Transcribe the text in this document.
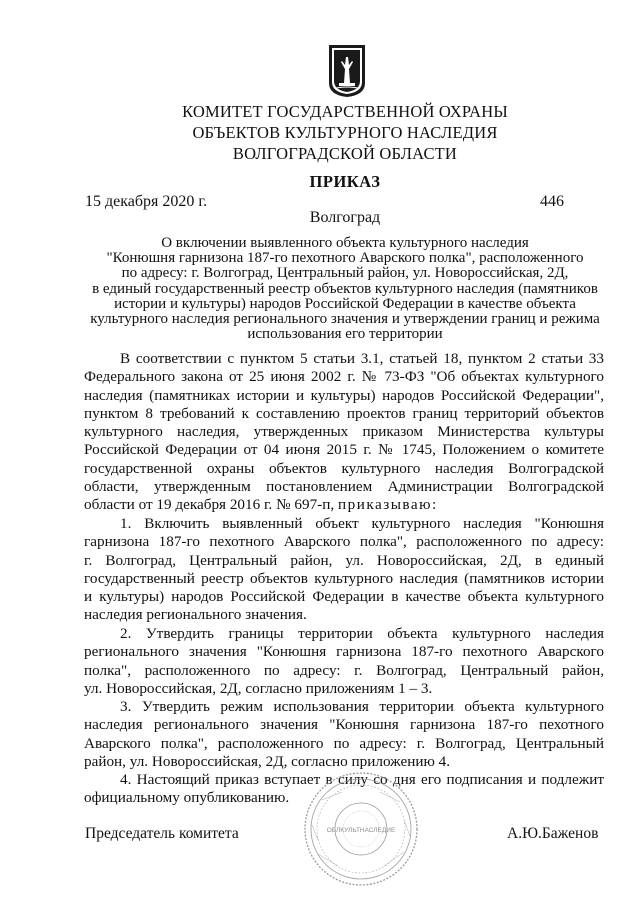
КОМИТЕТ ГОСУДАРСТВЕННОЙ ОХРАНЫ
ОБЪЕКТОВ КУЛЬТУРНОГО НАСЛЕДИЯ
ВОЛГОГРАДСКОЙ ОБЛАСТИ
ПРИКАЗ
15 декабря 2020 г.	446
Волгоград
О включении выявленного объекта культурного наследия
"Конюшня гарнизона 187-го пехотного Аварского полка", расположенного
по адресу: г. Волгоград, Центральный район, ул. Новороссийская, 2Д,
в единый государственный реестр объектов культурного наследия (памятников
истории и культуры) народов Российской Федерации в качестве объекта
культурного наследия регионального значения и утверждении границ и режима
использования его территории
В соответствии с пунктом 5 статьи 3.1, статьей 18, пунктом 2 статьи 33
Федерального закона от 25 июня 2002 г. № 73-ФЗ "Об объектах культурного
наследия (памятниках истории и культуры) народов Российской Федерации",
пунктом 8 требований к составлению проектов границ территорий объектов
культурного наследия, утвержденных приказом Министерства культуры
Российской Федерации от 04 июня 2015 г. № 1745, Положением о комитете
государственной охраны объектов культурного наследия Волгоградской
области, утвержденным постановлением Администрации Волгоградской
области от 19 декабря 2016 г. № 697-п, приказываю:
1. Включить выявленный объект культурного наследия "Конюшня
гарнизона 187-го пехотного Аварского полка", расположенного по адресу:
г. Волгоград, Центральный район, ул. Новороссийская, 2Д, в единый
государственный реестр объектов культурного наследия (памятников истории
и культуры) народов Российской Федерации в качестве объекта культурного
наследия регионального значения.
2. Утвердить границы территории объекта культурного наследия
регионального значения "Конюшня гарнизона 187-го пехотного Аварского
полка", расположенного по адресу: г. Волгоград, Центральный район,
ул. Новороссийская, 2Д, согласно приложениям 1 – 3.
3. Утвердить режим использования территории объекта культурного
наследия регионального значения "Конюшня гарнизона 187-го пехотного
Аварского полка", расположенного по адресу: г. Волгоград, Центральный
район, ул. Новороссийская, 2Д, согласно приложению 4.
4. Настоящий приказ вступает в силу со дня его подписания и подлежит
официальному опубликованию.
ОБЛКУЛЬТНАСЛЕДИЕ
Председатель комитета	А.Ю.Баженов
